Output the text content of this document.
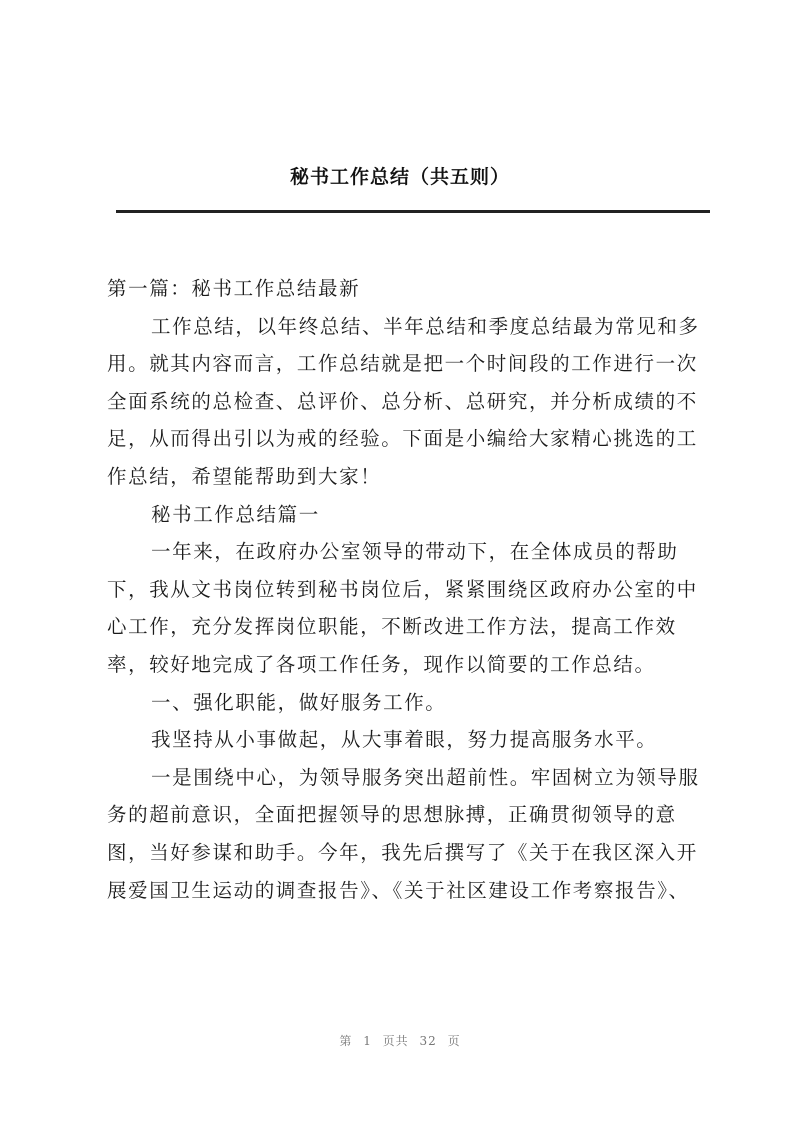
秘书工作总结（共五则）
第一篇：秘书工作总结最新
工作总结，以年终总结、半年总结和季度总结最为常见和多
用。就其内容而言，工作总结就是把一个时间段的工作进行一次
全面系统的总检查、总评价、总分析、总研究，并分析成绩的不
足，从而得出引以为戒的经验。下面是小编给大家精心挑选的工
作总结，希望能帮助到大家！
秘书工作总结篇一
一年来，在政府办公室领导的带动下，在全体成员的帮助
下，我从文书岗位转到秘书岗位后，紧紧围绕区政府办公室的中
心工作，充分发挥岗位职能，不断改进工作方法，提高工作效
率，较好地完成了各项工作任务，现作以简要的工作总结。
一、强化职能，做好服务工作。
我坚持从小事做起，从大事着眼，努力提高服务水平。
一是围绕中心，为领导服务突出超前性。牢固树立为领导服
务的超前意识，全面把握领导的思想脉搏，正确贯彻领导的意
图，当好参谋和助手。今年，我先后撰写了《关于在我区深入开
展爱国卫生运动的调查报告》、《关于社区建设工作考察报告》、
第 1 页共 32 页
